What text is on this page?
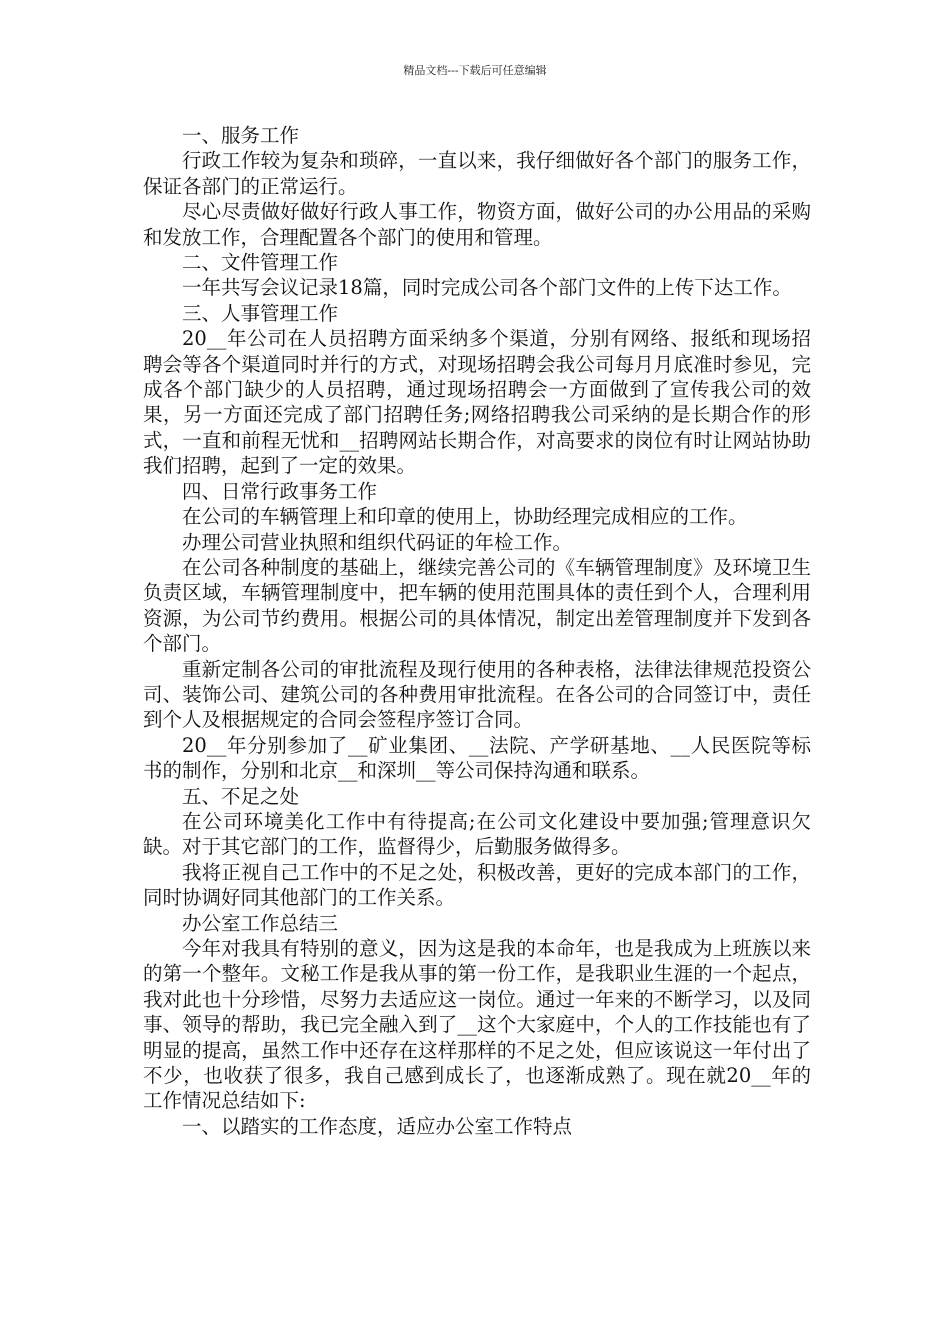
精品文档---下载后可任意编辑

一、服务工作

行政工作较为复杂和琐碎，一直以来，我仔细做好各个部门的服务工作，保证各部门的正常运行。

尽心尽责做好做好行政人事工作，物资方面，做好公司的办公用品的采购和发放工作，合理配置各个部门的使用和管理。

二、文件管理工作

一年共写会议记录18篇，同时完成公司各个部门文件的上传下达工作。

三、人事管理工作

20__年公司在人员招聘方面采纳多个渠道，分别有网络、报纸和现场招聘会等各个渠道同时并行的方式，对现场招聘会我公司每月月底准时参见，完成各个部门缺少的人员招聘，通过现场招聘会一方面做到了宣传我公司的效果，另一方面还完成了部门招聘任务;网络招聘我公司采纳的是长期合作的形式，一直和前程无忧和__招聘网站长期合作，对高要求的岗位有时让网站协助我们招聘，起到了一定的效果。

四、日常行政事务工作

在公司的车辆管理上和印章的使用上，协助经理完成相应的工作。

办理公司营业执照和组织代码证的年检工作。

在公司各种制度的基础上，继续完善公司的《车辆管理制度》及环境卫生负责区域，车辆管理制度中，把车辆的使用范围具体的责任到个人，合理利用资源，为公司节约费用。根据公司的具体情况，制定出差管理制度并下发到各个部门。

重新定制各公司的审批流程及现行使用的各种表格，法律法律规范投资公司、装饰公司、建筑公司的各种费用审批流程。在各公司的合同签订中，责任到个人及根据规定的合同会签程序签订合同。

20__年分别参加了__矿业集团、__法院、产学研基地、__人民医院等标书的制作，分别和北京__和深圳__等公司保持沟通和联系。

五、不足之处

在公司环境美化工作中有待提高;在公司文化建设中要加强;管理意识欠缺。对于其它部门的工作，监督得少，后勤服务做得多。

我将正视自己工作中的不足之处，积极改善，更好的完成本部门的工作，同时协调好同其他部门的工作关系。

办公室工作总结三

今年对我具有特别的意义，因为这是我的本命年，也是我成为上班族以来的第一个整年。文秘工作是我从事的第一份工作，是我职业生涯的一个起点，我对此也十分珍惜，尽努力去适应这一岗位。通过一年来的不断学习，以及同事、领导的帮助，我已完全融入到了__这个大家庭中，个人的工作技能也有了明显的提高，虽然工作中还存在这样那样的不足之处，但应该说这一年付出了不少，也收获了很多，我自己感到成长了，也逐渐成熟了。现在就20__年的工作情况总结如下:

一、以踏实的工作态度，适应办公室工作特点
